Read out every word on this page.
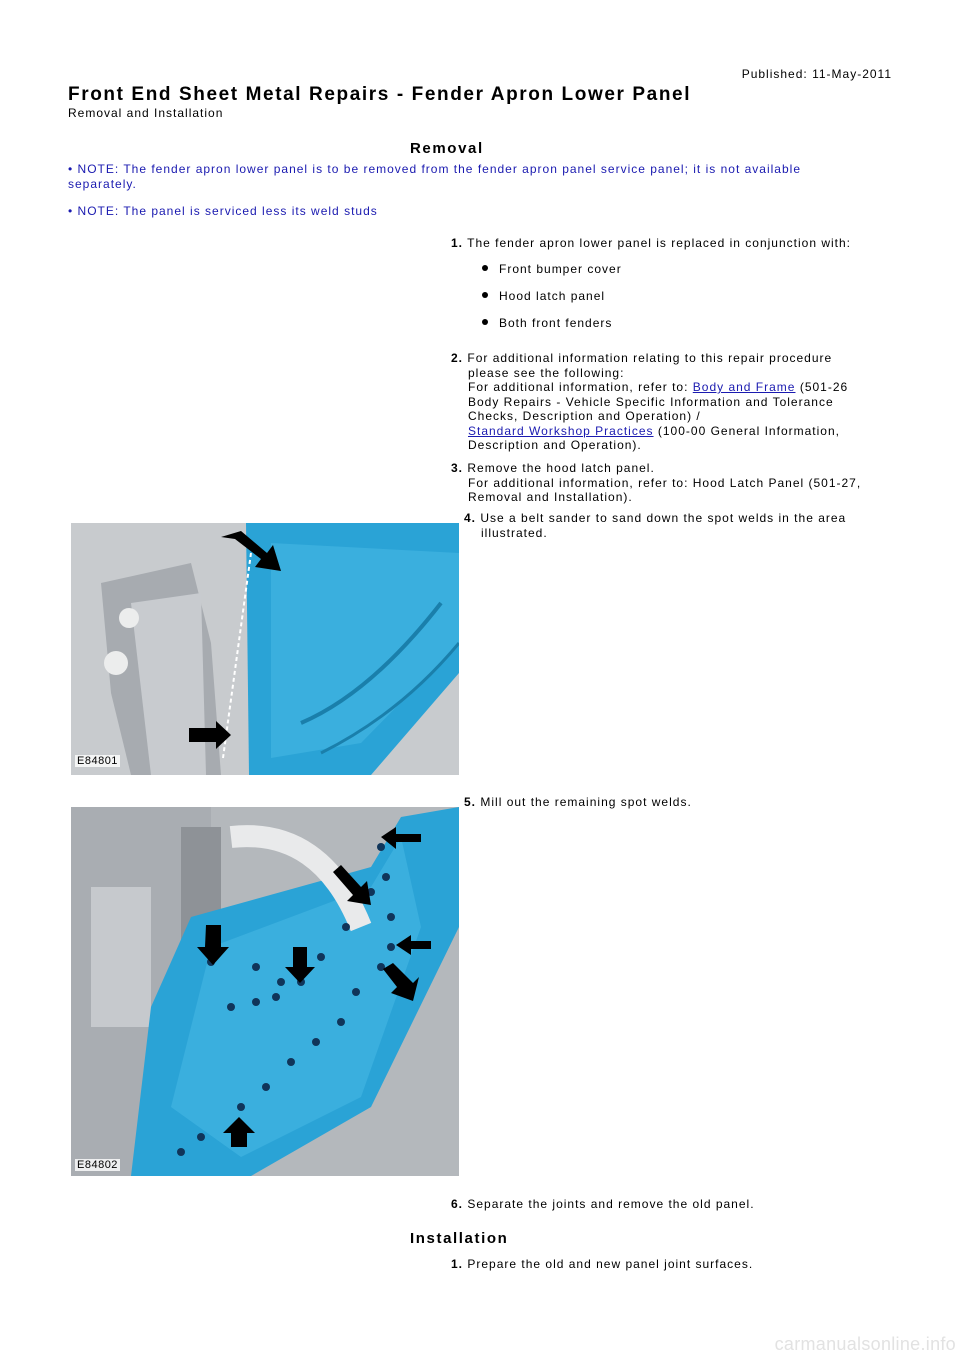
Published: 11-May-2011
Front End Sheet Metal Repairs - Fender Apron Lower Panel
Removal and Installation
Removal
• NOTE: The fender apron lower panel is to be removed from the fender apron panel service panel; it is not available
separately.
• NOTE: The panel is serviced less its weld studs
1. The fender apron lower panel is replaced in conjunction with:
Front bumper cover
Hood latch panel
Both front fenders
2. For additional information relating to this repair procedure
please see the following:
For additional information, refer to: Body and Frame (501-26
Body Repairs - Vehicle Specific Information and Tolerance
Checks, Description and Operation) /
Standard Workshop Practices (100-00 General Information,
Description and Operation).
3. Remove the hood latch panel.
For additional information, refer to: Hood Latch Panel (501-27,
Removal and Installation).
4. Use a belt sander to sand down the spot welds in the area
illustrated.
E84801
5. Mill out the remaining spot welds.
E84802
6. Separate the joints and remove the old panel.
Installation
1. Prepare the old and new panel joint surfaces.
carmanualsonline.info
